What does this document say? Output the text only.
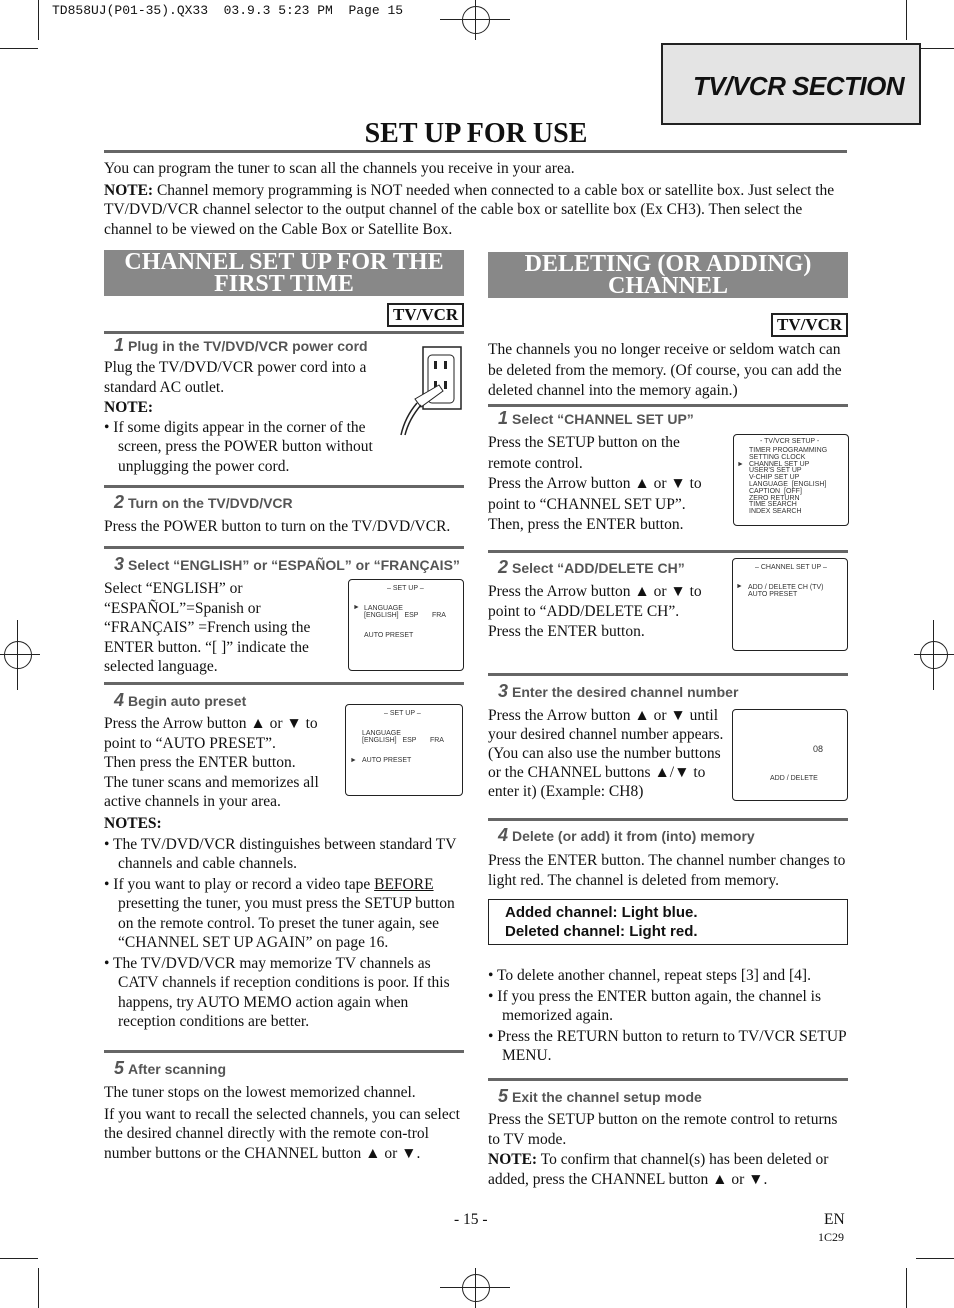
TD858UJ(P01-35).QX33  03.9.3 5:23 PM  Page 15
TV/VCR SECTION
SET UP FOR USE
You can program the tuner to scan all the channels you receive in your area.
NOTE: Channel memory programming is NOT needed when connected to a cable box or satellite box. Just select the TV/DVD/VCR channel selector to the output channel of the cable box or satellite box (Ex CH3). Then select the channel to be viewed on the Cable Box or Satellite Box.
CHANNEL SET UP FOR THE FIRST TIME
TV/VCR
1 Plug in the TV/DVD/VCR power cord
Plug the TV/DVD/VCR power cord into a standard AC outlet.
NOTE:
• If some digits appear in the corner of the screen, press the POWER button without unplugging the power cord.
2 Turn on the TV/DVD/VCR
Press the POWER button to turn on the TV/DVD/VCR.
3 Select “ENGLISH” or “ESPAÑOL” or “FRANÇAIS”
Select “ENGLISH” or “ESPAÑOL”=Spanish or “FRANÇAIS” =French using the ENTER button. “[ ]” indicate the selected language.
– SET UP –
► LANGUAGE
[ENGLISH]   ESP       FRA
AUTO PRESET
4 Begin auto preset
Press the Arrow button ▲ or ▼ to point to “AUTO PRESET”.
Then press the ENTER button.
The tuner scans and memorizes all active channels in your area.
– SET UP –
LANGUAGE
[ENGLISH]   ESP       FRA
► AUTO PRESET
NOTES:
• The TV/DVD/VCR distinguishes between standard TV channels and cable channels.
• If you want to play or record a video tape BEFORE presetting the tuner, you must press the SETUP button on the remote control. To preset the tuner again, see “CHANNEL SET UP AGAIN” on page 16.
• The TV/DVD/VCR may memorize TV channels as CATV channels if reception conditions is poor. If this happens, try AUTO MEMO action again when reception conditions are better.
5 After scanning
The tuner stops on the lowest memorized channel.
If you want to recall the selected channels, you can select the desired channel directly with the remote con-trol number buttons or the CHANNEL button ▲ or ▼.
DELETING (OR ADDING) CHANNEL
TV/VCR
The channels you no longer receive or seldom watch can be deleted from the memory. (Of course, you can add the deleted channel into the memory again.)
1 Select “CHANNEL SET UP”
Press the SETUP button on the remote control.
Press the Arrow button ▲ or ▼ to point to “CHANNEL SET UP”. Then, press the ENTER button.
- TV/VCR SETUP -
►
TIMER PROGRAMMING
SETTING CLOCK
CHANNEL SET UP
USER'S SET UP
V-CHIP SET UP
LANGUAGE  [ENGLISH]
CAPTION  [OFF]
ZERO RETURN
TIME SEARCH
INDEX SEARCH
2 Select “ADD/DELETE CH”
Press the Arrow button ▲ or ▼ to point to “ADD/DELETE CH”.
Press the ENTER button.
– CHANNEL SET UP –
► ADD / DELETE CH (TV)
AUTO PRESET
3 Enter the desired channel number
Press the Arrow button ▲ or ▼ until your desired channel number appears. (You can also use the number buttons or the CHANNEL buttons ▲/▼ to enter it) (Example: CH8)
08
ADD / DELETE
4 Delete (or add) it from (into) memory
Press the ENTER button. The channel number changes to light red. The channel is deleted from memory.
Added channel: Light blue.
Deleted channel: Light red.
• To delete another channel, repeat steps [3] and [4].
• If you press the ENTER button again, the channel is memorized again.
• Press the RETURN button to return to TV/VCR SETUP MENU.
5 Exit the channel setup mode
Press the SETUP button on the remote control to returns to TV mode.
NOTE: To confirm that channel(s) has been deleted or added, press the CHANNEL button ▲ or ▼.
- 15 -	EN
1C29
